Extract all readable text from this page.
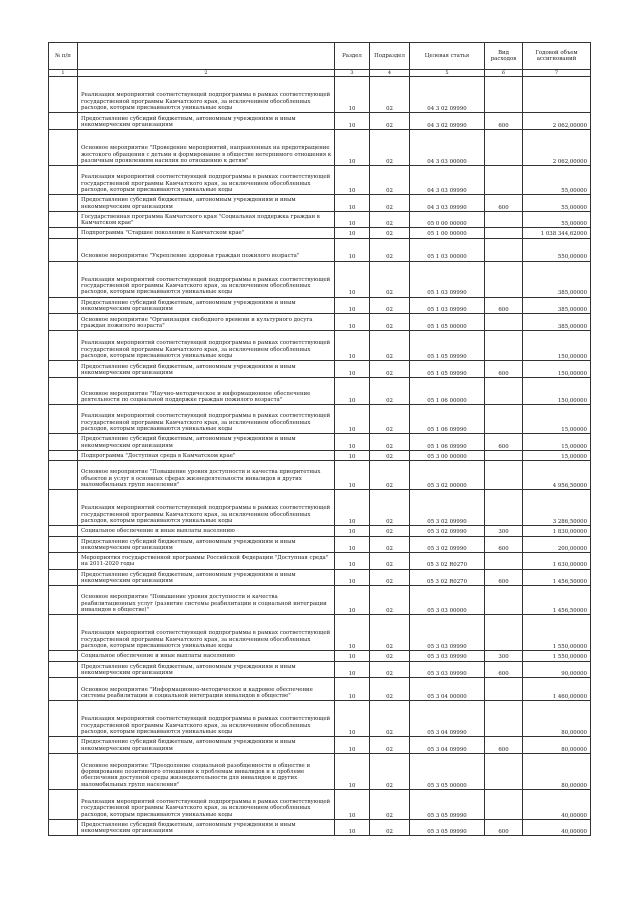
№ п/п		Раздел	Подраздел	Целевая статья	Вид расходов	Годовой объем ассигнований
1	2	3	4	5	6	7
	Реализация мероприятий соответствующей подпрограммы в рамках соответствующей государственной программы Камчатского края, за исключением обособленных расходов, которым присваиваются уникальные коды	10	02	04 3 02 09990		
	Предоставление субсидий бюджетным, автономным учреждениям и иным некоммерческим организациям	10	02	04 3 02 09990	600	2 062,00000
	Основное мероприятие "Проведение мероприятий, направленных на предотвращение жестокого обращения с детьми и формирование в обществе нетерпимого отношения к различным проявлениям насилия по отношению к детям"	10	02	04 3 03 00000		2 062,00000
	Реализация мероприятий соответствующей подпрограммы в рамках соответствующей государственной программы Камчатского края, за исключением обособленных расходов, которым присваиваются уникальные коды	10	02	04 3 03 09990		55,00000
	Предоставление субсидий бюджетным, автономным учреждениям и иным некоммерческим организациям	10	02	04 3 03 09990	600	55,00000
	Государственная программа Камчатского края "Социальная поддержка граждан в Камчатском крае"	10	02	05 0 00 00000		55,00000
	Подпрограмма "Старшее поколение в Камчатском крае"	10	02	05 1 00 00000		1 038 344,62000
	Основное мероприятие "Укрепление здоровья граждан пожилого возраста"	10	02	05 1 03 00000		550,00000
	Реализация мероприятий соответствующей подпрограммы в рамках соответствующей государственной программы Камчатского края, за исключением обособленных расходов, которым присваиваются уникальные коды	10	02	05 1 03 09990		385,00000
	Предоставление субсидий бюджетным, автономным учреждениям и иным некоммерческим организациям	10	02	05 1 03 09990	600	385,00000
	Основное мероприятие "Организация свободного времени и культурного досуга граждан пожилого возраста"	10	02	05 1 05 00000		385,00000
	Реализация мероприятий соответствующей подпрограммы в рамках соответствующей государственной программы Камчатского края, за исключением обособленных расходов, которым присваиваются уникальные коды	10	02	05 1 05 09990		150,00000
	Предоставление субсидий бюджетным, автономным учреждениям и иным некоммерческим организациям	10	02	05 1 05 09990	600	150,00000
	Основное мероприятие "Научно-методическое и информационное обеспечение деятельности по социальной поддержке граждан пожилого возраста"	10	02	05 1 06 00000		150,00000
	Реализация мероприятий соответствующей подпрограммы в рамках соответствующей государственной программы Камчатского края, за исключением обособленных расходов, которым присваиваются уникальные коды	10	02	05 1 06 09990		15,00000
	Предоставление субсидий бюджетным, автономным учреждениям и иным некоммерческим организациям	10	02	05 1 06 09990	600	15,00000
	Подпрограмма "Доступная среда в Камчатском крае"	10	02	05 3 00 00000		15,00000
	Основное мероприятие "Повышение уровня доступности и качества приоритетных объектов и услуг в основных сферах жизнедеятельности инвалидов и других маломобильных групп населения"	10	02	05 3 02 00000		4 956,50000
	Реализация мероприятий соответствующей подпрограммы в рамках соответствующей государственной программы Камчатского края, за исключением обособленных расходов, которым присваиваются уникальные коды	10	02	05 3 02 09990		3 286,50000
	Социальное обеспечение и иные выплаты населению	10	02	05 3 02 09990	300	1 830,00000
	Предоставление субсидий бюджетным, автономным учреждениям и иным некоммерческим организациям	10	02	05 3 02 09990	600	200,00000
	Мероприятия государственной программы Российской Федерации "Доступная среда" на 2011-2020 годы	10	02	05 3 02 R0270		1 630,00000
	Предоставление субсидий бюджетным, автономным учреждениям и иным некоммерческим организациям	10	02	05 3 02 R0270	600	1 456,50000
	Основное мероприятие "Повышение уровня доступности и качества реабилитационных услуг (развитие системы реабилитации и социальной интеграции инвалидов в обществе)"	10	02	05 3 03 00000		1 456,50000
	Реализация мероприятий соответствующей подпрограммы в рамках соответствующей государственной программы Камчатского края, за исключением обособленных расходов, которым присваиваются уникальные коды	10	02	05 3 03 09990		1 550,00000
	Социальное обеспечение и иные выплаты населению	10	02	05 3 03 09990	300	1 550,00000
	Предоставление субсидий бюджетным, автономным учреждениям и иным некоммерческим организациям	10	02	05 3 03 09990	600	90,00000
	Основное мероприятие "Информационно-методическое и кадровое обеспечение системы реабилитации и социальной интеграции инвалидов в обществе"	10	02	05 3 04 00000		1 460,00000
	Реализация мероприятий соответствующей подпрограммы в рамках соответствующей государственной программы Камчатского края, за исключением обособленных расходов, которым присваиваются уникальные коды	10	02	05 3 04 09990		80,00000
	Предоставление субсидий бюджетным, автономным учреждениям и иным некоммерческим организациям	10	02	05 3 04 09990	600	80,00000
	Основное мероприятие "Преодоление социальной разобщенности в обществе и формирование позитивного отношения к проблемам инвалидов и к проблеме обеспечения доступной среды жизнедеятельности для инвалидов и других маломобильных групп населения"	10	02	05 3 05 00000		80,00000
	Реализация мероприятий соответствующей подпрограммы в рамках соответствующей государственной программы Камчатского края, за исключением обособленных расходов, которым присваиваются уникальные коды	10	02	05 3 05 09990		40,00000
	Предоставление субсидий бюджетным, автономным учреждениям и иным некоммерческим организациям	10	02	05 3 05 09990	600	40,00000
